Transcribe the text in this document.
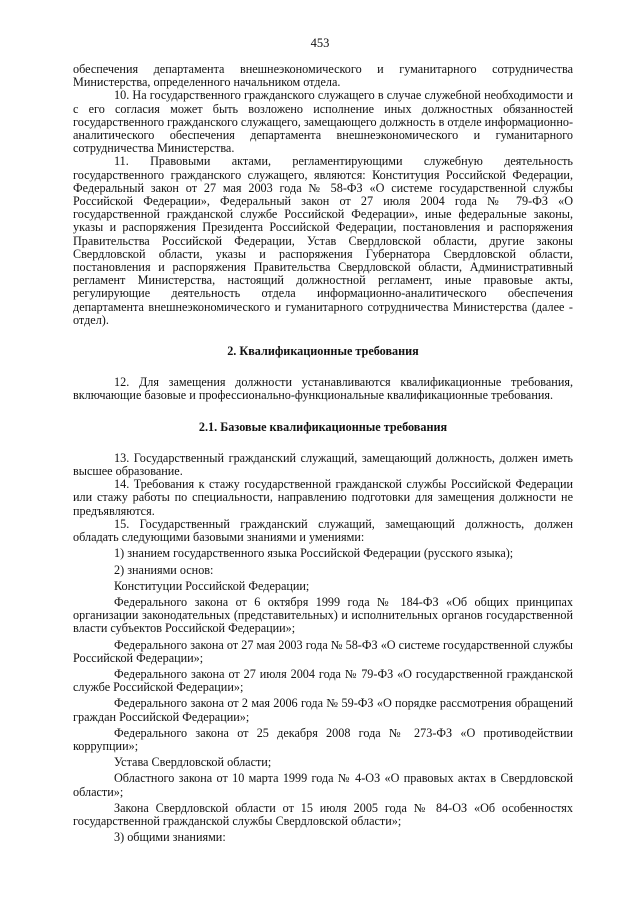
453

обеспечения департамента внешнеэкономического и гуманитарного сотрудничества Министерства, определенного начальником отдела.

10. На государственного гражданского служащего в случае служебной необходимости и с его согласия может быть возложено исполнение иных должностных обязанностей государственного гражданского служащего, замещающего должность в отделе информационно-аналитического обеспечения департамента внешнеэкономического и гуманитарного сотрудничества Министерства.

11. Правовыми актами, регламентирующими служебную деятельность государственного гражданского служащего, являются: Конституция Российской Федерации, Федеральный закон от 27 мая 2003 года № 58-ФЗ «О системе государственной службы Российской Федерации», Федеральный закон от 27 июля 2004 года № 79-ФЗ «О государственной гражданской службе Российской Федерации», иные федеральные законы, указы и распоряжения Президента Российской Федерации, постановления и распоряжения Правительства Российской Федерации, Устав Свердловской области, другие законы Свердловской области, указы и распоряжения Губернатора Свердловской области, постановления и распоряжения Правительства Свердловской области, Административный регламент Министерства, настоящий должностной регламент, иные правовые акты, регулирующие деятельность отдела информационно-аналитического обеспечения департамента внешнеэкономического и гуманитарного сотрудничества Министерства (далее - отдел).

2. Квалификационные требования

12. Для замещения должности устанавливаются квалификационные требования, включающие базовые и профессионально-функциональные квалификационные требования.

2.1. Базовые квалификационные требования

13. Государственный гражданский служащий, замещающий должность, должен иметь высшее образование.

14. Требования к стажу государственной гражданской службы Российской Федерации или стажу работы по специальности, направлению подготовки для замещения должности не предъявляются.

15. Государственный гражданский служащий, замещающий должность, должен обладать следующими базовыми знаниями и умениями:

1) знанием государственного языка Российской Федерации (русского языка);

2) знаниями основ:

Конституции Российской Федерации;

Федерального закона от 6 октября 1999 года № 184-ФЗ «Об общих принципах организации законодательных (представительных) и исполнительных органов государственной власти субъектов Российской Федерации»;

Федерального закона от 27 мая 2003 года № 58-ФЗ «О системе государственной службы Российской Федерации»;

Федерального закона от 27 июля 2004 года № 79-ФЗ «О государственной гражданской службе Российской Федерации»;

Федерального закона от 2 мая 2006 года № 59-ФЗ «О порядке рассмотрения обращений граждан Российской Федерации»;

Федерального закона от 25 декабря 2008 года № 273-ФЗ «О противодействии коррупции»;

Устава Свердловской области;

Областного закона от 10 марта 1999 года № 4-ОЗ «О правовых актах в Свердловской области»;

Закона Свердловской области от 15 июля 2005 года № 84-ОЗ «Об особенностях государственной гражданской службы Свердловской области»;

3) общими знаниями:
